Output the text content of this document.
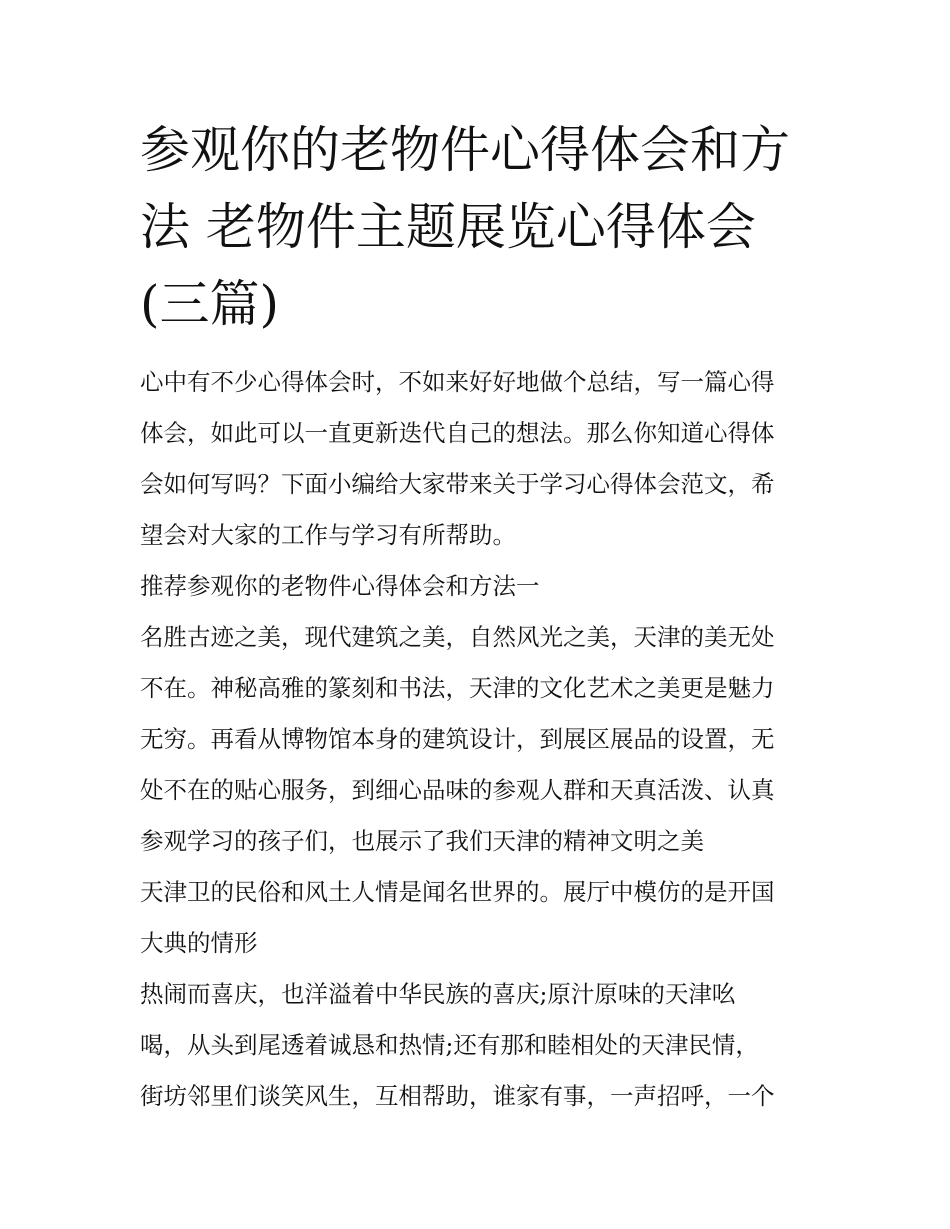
参观你的老物件心得体会和方
法 老物件主题展览心得体会
(三篇)
心中有不少心得体会时，不如来好好地做个总结，写一篇心得
体会，如此可以一直更新迭代自己的想法。那么你知道心得体
会如何写吗？下面小编给大家带来关于学习心得体会范文，希
望会对大家的工作与学习有所帮助。
推荐参观你的老物件心得体会和方法一
名胜古迹之美，现代建筑之美，自然风光之美，天津的美无处
不在。神秘高雅的篆刻和书法，天津的文化艺术之美更是魅力
无穷。再看从博物馆本身的建筑设计，到展区展品的设置，无
处不在的贴心服务，到细心品味的参观人群和天真活泼、认真
参观学习的孩子们，也展示了我们天津的精神文明之美
天津卫的民俗和风土人情是闻名世界的。展厅中模仿的是开国
大典的情形
热闹而喜庆，也洋溢着中华民族的喜庆;原汁原味的天津吆
喝，从头到尾透着诚恳和热情;还有那和睦相处的天津民情，
街坊邻里们谈笑风生，互相帮助，谁家有事，一声招呼，一个
